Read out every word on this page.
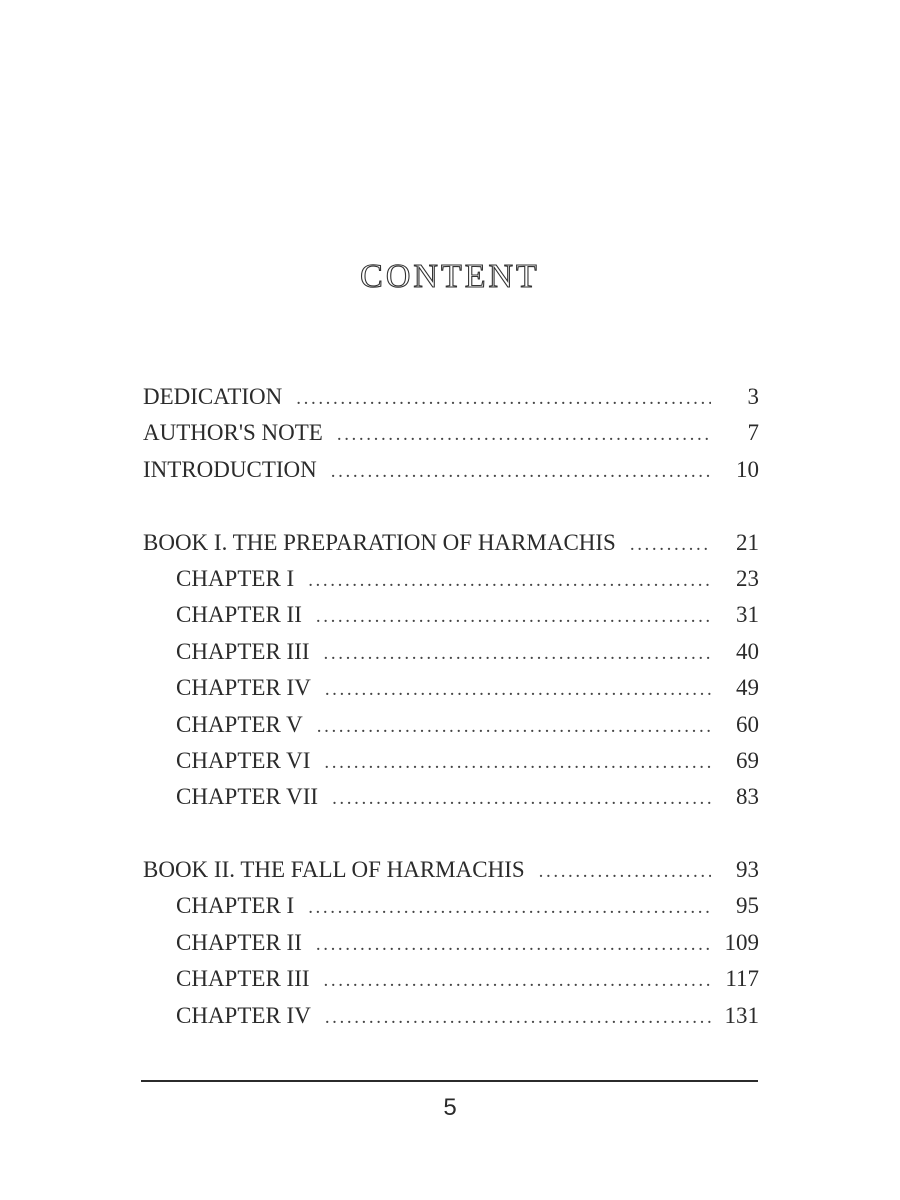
CONTENT
DEDICATION .....	3
AUTHOR'S NOTE .....	7
INTRODUCTION .....	10
BOOK I. THE PREPARATION OF HARMACHIS .....	21
CHAPTER I .....	23
CHAPTER II .....	31
CHAPTER III .....	40
CHAPTER IV .....	49
CHAPTER V .....	60
CHAPTER VI .....	69
CHAPTER VII .....	83
BOOK II. THE FALL OF HARMACHIS .....	93
CHAPTER I .....	95
CHAPTER II .....	109
CHAPTER III .....	117
CHAPTER IV .....	131
5
